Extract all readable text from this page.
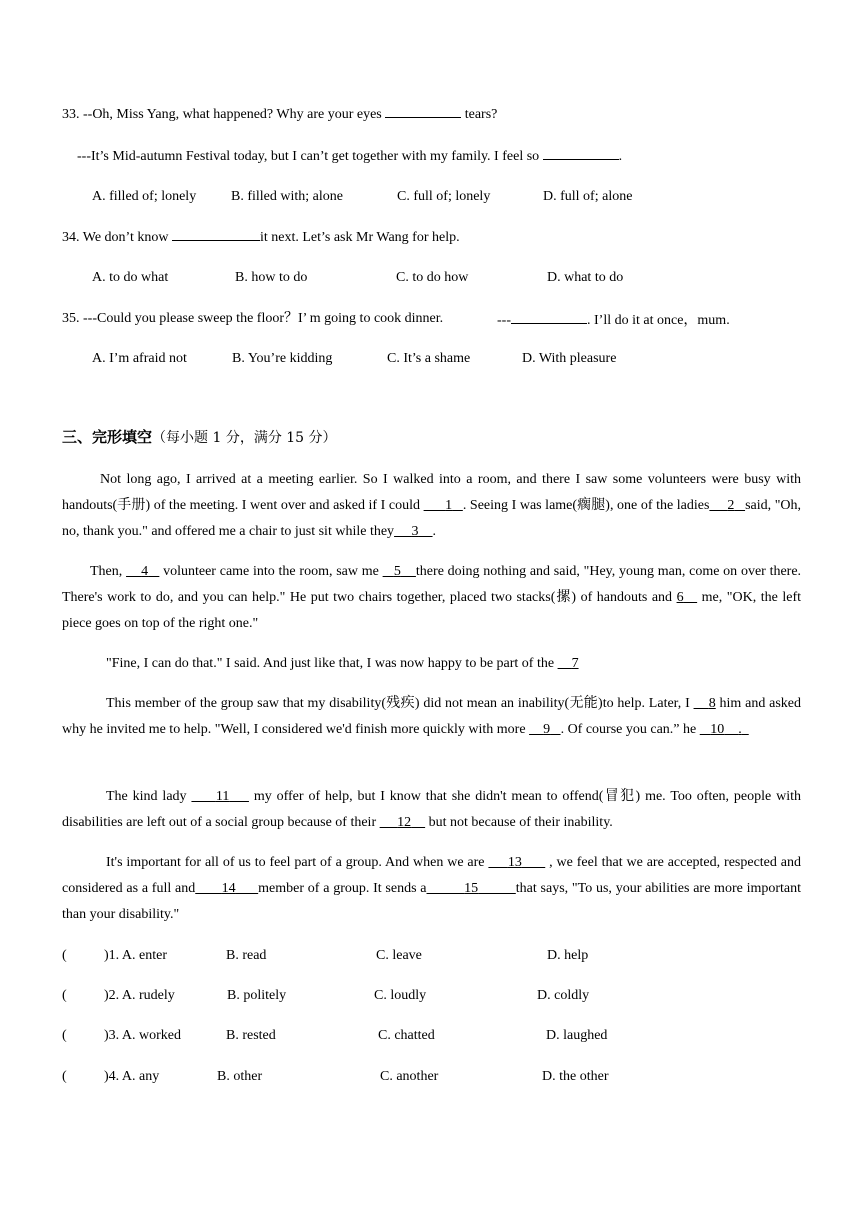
33. --Oh, Miss Yang, what happened? Why are your eyes	tears?
---It’s Mid-autumn Festival today, but I can’t get together with my family. I feel so	.
A. filled of; lonely B. filled with; alone	C. full of; lonely	D. full of; alone
34. We don’t know	it next. Let’s ask Mr Wang for help.
A. to do what	B. how to do	C. to do how	D. what to do
35. ---Could you please sweep the floor？I’ m going to cook dinner.	---	. I’ll do it at once，mum.
A. I’m afraid not	B. You’re kidding	C. It’s a shame	D. With pleasure
三、完形填空（每小题 1 分，满分 15 分）
Not long ago, I arrived at a meeting earlier. So I walked into a room, and there I saw some volunteers were busy with handouts(手册) of the meeting. I went over and asked if I could       1 . Seeing I was lame(瘸腿), one of the ladies 2 said, "Oh, no, thank you." and offered me a chair to just sit while they 3 .
Then,     4    volunteer came into the room, saw me    5 there doing nothing and said, "Hey, young man, come on over there. There's work to do, and you can help." He put two chairs together, placed two stacks(摞) of handouts and 6    me, "OK, the left piece goes on top of the right one."
"Fine, I can do that." I said. And just like that, I was now happy to be part of the     7
This member of the group saw that my disability(残疾) did not mean an inability(无能)to help. Later, I     8 him and asked why he invited me to help. "Well, I considered we'd finish more quickly with more     9 . Of course you can.” he    10 .
The kind lady      11     my offer of help, but I know that she didn't mean to offend(冒犯) me. Too often, people with disabilities are left out of a social group because of their      12     but not because of their inability.
It's important for all of us to feel part of a group. And when we are      13       , we feel that we are accepted, respected and considered as a full and 14 member of a group. It sends a	15	that says, "To us, your abilities are more important than your disability."
(	)1. A. enter	B. read	C. leave	D. help
(	)2. A. rudely	B. politely	C. loudly	D. coldly
(	)3. A. worked	B. rested	C. chatted	D. laughed
(	)4. A. any	B. other	C. another	D. the other
